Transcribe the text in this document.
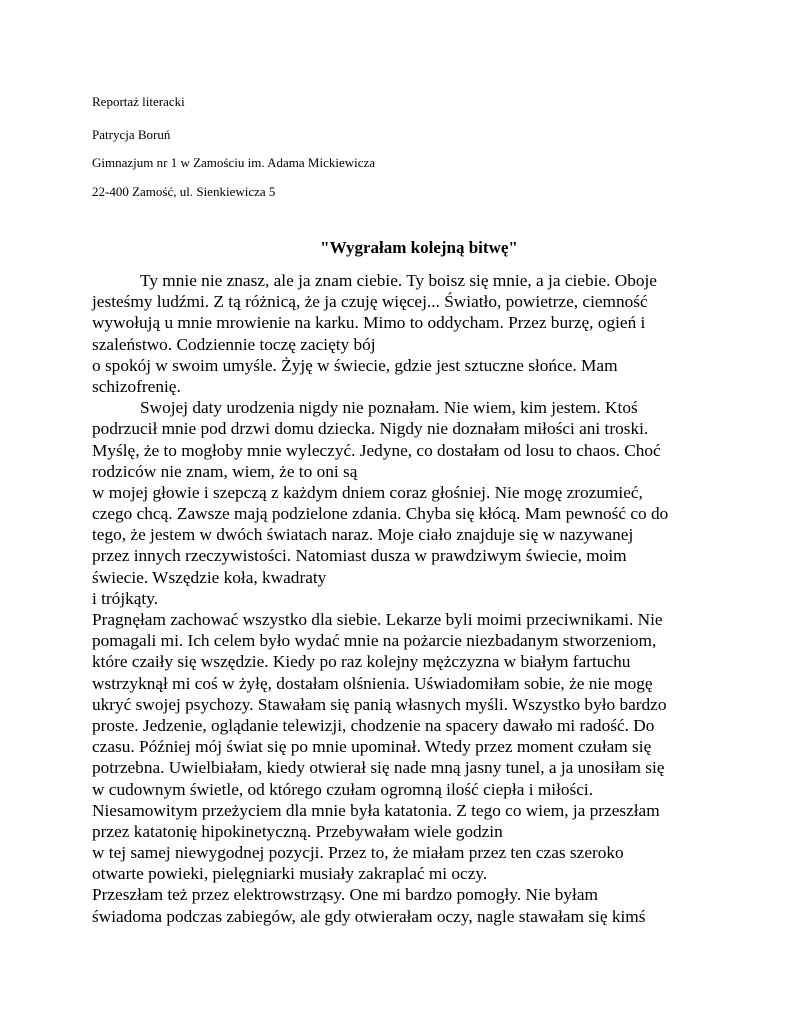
Reportaż literacki
Patrycja Boruń
Gimnazjum nr 1 w Zamościu im. Adama Mickiewicza
22-400 Zamość, ul. Sienkiewicza 5
"Wygrałam kolejną bitwę"
Ty mnie nie znasz, ale ja znam ciebie. Ty boisz się mnie, a ja ciebie. Oboje
jesteśmy ludźmi. Z tą różnicą, że ja czuję więcej... Światło, powietrze, ciemność
wywołują u mnie mrowienie na karku. Mimo to oddycham. Przez burzę, ogień i
szaleństwo. Codziennie toczę zacięty bój
o spokój w swoim umyśle. Żyję w świecie, gdzie jest sztuczne słońce. Mam
schizofrenię.
Swojej daty urodzenia nigdy nie poznałam. Nie wiem, kim jestem. Ktoś
podrzucił mnie pod drzwi domu dziecka. Nigdy nie doznałam miłości ani troski.
Myślę, że to mogłoby mnie wyleczyć. Jedyne, co dostałam od losu to chaos. Choć
rodziców nie znam, wiem, że to oni są
w mojej głowie i szepczą z każdym dniem coraz głośniej. Nie mogę zrozumieć,
czego chcą. Zawsze mają podzielone zdania. Chyba się kłócą. Mam pewność co do
tego, że jestem w dwóch światach naraz. Moje ciało znajduje się w nazywanej
przez innych rzeczywistości. Natomiast dusza w prawdziwym świecie, moim
świecie. Wszędzie koła, kwadraty
i trójkąty.
Pragnęłam zachować wszystko dla siebie. Lekarze byli moimi przeciwnikami. Nie
pomagali mi. Ich celem było wydać mnie na pożarcie niezbadanym stworzeniom,
które czaiły się wszędzie. Kiedy po raz kolejny mężczyzna w białym fartuchu
wstrzyknął mi coś w żyłę, dostałam olśnienia. Uświadomiłam sobie, że nie mogę
ukryć swojej psychozy. Stawałam się panią własnych myśli. Wszystko było bardzo
proste. Jedzenie, oglądanie telewizji, chodzenie na spacery dawało mi radość. Do
czasu. Później mój świat się po mnie upominał. Wtedy przez moment czułam się
potrzebna. Uwielbiałam, kiedy otwierał się nade mną jasny tunel, a ja unosiłam się
w cudownym świetle, od którego czułam ogromną ilość ciepła i miłości.
Niesamowitym przeżyciem dla mnie była katatonia. Z tego co wiem, ja przeszłam
przez katatonię hipokinetyczną. Przebywałam wiele godzin
w tej samej niewygodnej pozycji. Przez to, że miałam przez ten czas szeroko
otwarte powieki, pielęgniarki musiały zakraplać mi oczy.
Przeszłam też przez elektrowstrząsy. One mi bardzo pomogły. Nie byłam
świadoma podczas zabiegów, ale gdy otwierałam oczy, nagle stawałam się kimś
